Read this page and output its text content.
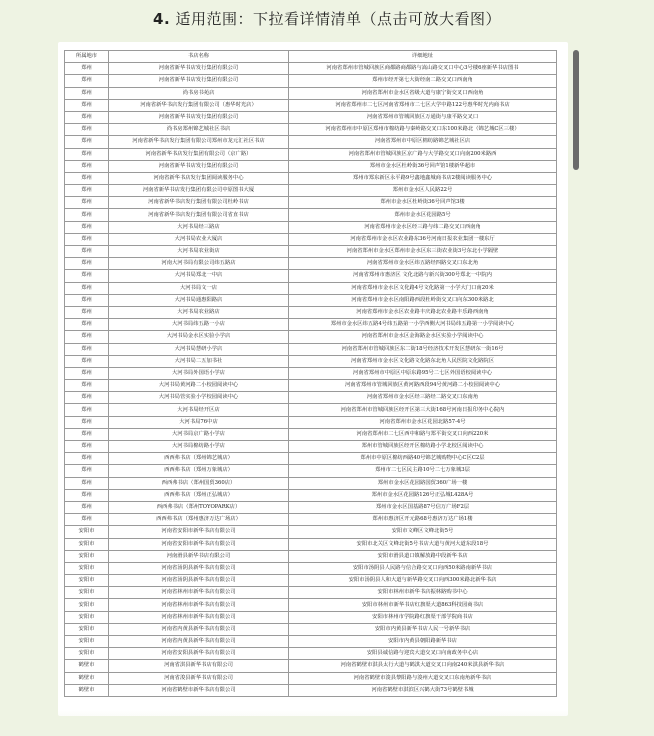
4. 适用范围：下拉看详情清单（点击可放大看图）
所属地市	书店名称	详细地址
郑州	河南省新华书店发行集团有限公司	河南省郑州市管城回族区商都路商都路与嵩山路交叉口中心3号楼6座新华书店图书
郑州	河南省新华书店发行集团有限公司	郑州市经开第七大街经南二路交叉口西南角
郑州	尚书房书苑店	河南省郑州市金水区省级大道与康宁街交叉口西南角
郑州	河南省新华书店发行集团有限公司（惠华时光店）	河南省郑州市二七区河南省郑州市二七区大学中路122号惠华时光内商书店
郑州	河南省新华书店发行集团有限公司	河南省郑州市管城回族区万通街与康平路交叉口
郑州	尚书房郑州锦艺城社区书店	河南省郑州市中原区郑州市棉纺路与秦岭路交叉口东100米路北（锦艺城C区三楼）
郑州	河南省新华书店发行集团有限公司郑州市龙元汇社区书店	河南省郑州市中原区棉纺路锦艺城社区店
郑州	河南省新华书店发行集团有限公司（京广路）	河南省郑州市管城回族区京广路与大学路交叉口向南200米路西
郑州	河南省新华书店发行集团有限公司	郑州市金水区杜岭街36号回声馆1楼新华超市
郑州	河南省新华书店发行集团阅读服务中心	郑州市郑东新区永平路9号鑫地鑫城商书店2楼阅读服务中心
郑州	河南省新华书店发行集团有限公司中原图书大厦	郑州市金水区人民路22号
郑州	河南省新华书店发行集团有限公司杜岭书店	郑州市金水区杜岭街36号回声馆3楼
郑州	河南省新华书店发行集团有限公司省直书店	郑州市金水区花园路5号
郑州	大河书局经三路店	河南省郑州市金水区经三路与纬二路交叉口西南角
郑州	大河书局农业大厦店	河南省郑州市金水区农业路东36号河南日报农业集团一楼东厅
郑州	大河书局农业街店	河南省郑州市金水区郑州市金水区东三街农业街3号东北小学隔壁
郑州	河南大河书局有限公司纬五路店	河南省郑州市金水区纬五路经四路交叉口东北角
郑州	大河书局郑北一中店	河南省郑州市惠济区 文化北路与新兴街300号郑北一中院内
郑州	大河书局文一店	河南省郑州市金水区文化路4号文化路第一小学大门口南20米
郑州	大河书局通惠阳路店	河南省郑州市金水区南阳路西段杜岭街交叉口向东300米路北
郑州	大河书局农业路店	河南省郑州市金水区农业路丰庆路北农业路丰乐路西南角
郑州	大河书局纬五路一小店	郑州市金水区纬五路4号纬五路第一小学西侧大河书局纬五路第一小学阅读中心
郑州	大河书局金水区实验小学店	河南省郑州市金水区金海路金水区实验小学阅读中心
郑州	大河书局慧研小学店	河南省郑州市管城回族区东二街18号经济技术开发区慧研东一街16号
郑州	大河书局二五加书社	河南省郑州市金水区文化路文化路东北角人民医院文化路院区
郑州	大河书局外国语小学店	河南省郑州市中原区中原东路95号二七区外国语校阅读中心
郑州	大河书局黄河路二小校园阅读中心	河南省郑州市管城回族区黄河路西段94号黄河路二小校园阅读中心
郑州	大河书局管实验小学校园阅读中心	河南省郑州市金水区经三路经二路交叉口东南角
郑州	大河书局经开区店	河南省郑州市管城回族区经开区第三大街168号河南日报印务中心院内
郑州	大河书局76中店	河南省郑州市金水区花园北路57-4号
郑州	大河书局京广路小学店	河南省郑州市二七区西中和路与郑平街交叉口向西220米
郑州	大河书局棉纺路小学店	郑州市管城回族区经开区棉纺路小学北校区阅读中心
郑州	西西弗书店（郑州锦艺城店）	郑州市中原区棉纺西路40号锦艺城购物中心C区C2层
郑州	西西弗书店（郑州万象城店）	郑州市二七区民主路10号二七万象城3层
郑州	西西弗书店（郑州国贸360店）	郑州市金水区花园路国贸360广场一楼
郑州	西西弗书店（郑州正弘城店）	郑州市金水区花园路126号正弘城L428A号
郑州	西西弗书店（郑州TOYOPARK店）	郑州市金水区国基路87号信万广场F2层
郑州	西西弗书店（郑州惠济万达广场店）	郑州市惠济区开元路68号惠济万达广场1楼
安阳市	河南省安阳市新华书店有限公司	安阳市文峰区文峰北街5号
安阳市	河南省安阳市新华书店有限公司	安阳市北关区文峰北街5号书店大道与黄河大道东段18号
安阳市	河南滑县新华书店有限公司	安阳市滑县道口镇解放路中段新华书店
安阳市	河南省汤阴县新华书店有限公司	安阳市汤阴县人民路与信合路交叉口向西50米路南新华书店
安阳市	河南省汤阴县新华书店有限公司	安阳市汤阴县人和大道与新华路交叉口向西300米路北新华书店
安阳市	河南省林州市新华书店有限公司	安阳市林州市新华书店振林路购书中心
安阳市	河南省林州市新华书店有限公司	安阳市林州市新华书店红旗渠大道863科技园商书店
安阳市	河南省林州市新华书店有限公司	安阳市林州市学院路红旗渠干部学院商书店
安阳市	河南省内黄县新华书店有限公司	安阳市内黄县新华书店人民一号新华书店
安阳市	河南省内黄县新华书店有限公司	安阳市内黄县朝阳路新华书店
安阳市	河南省安阳县新华书店有限公司	安阳县诚信路与迎宾大道交叉口向南政务中心店
鹤壁市	河南省淇县新华书店有限公司	河南省鹤壁市淇县太行大道与鹤淇大道交叉口向南240米淇县新华书店
鹤壁市	河南省浚县新华书店有限公司	河南省鹤壁市浚县黎阳路与浚州大道交叉口东南角新华书店
鹤壁市	河南省鹤壁市新华书店有限公司	河南省鹤壁市淇滨区兴鹤大街73号鹤壁书城
